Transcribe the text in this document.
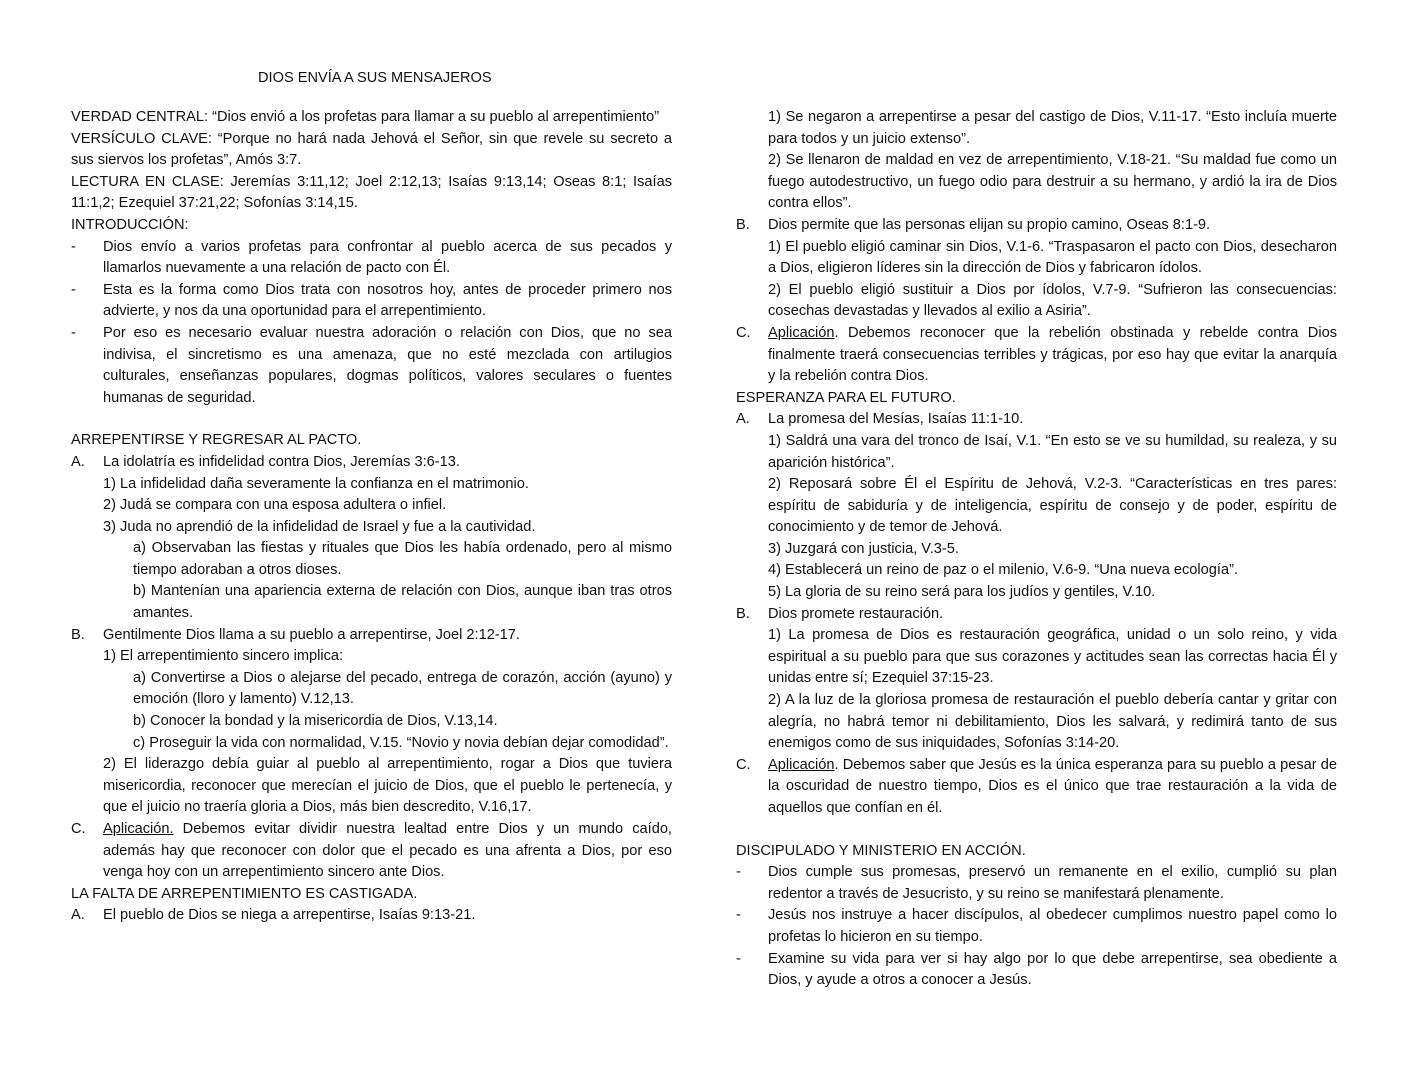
DIOS ENVÍA A SUS MENSAJEROS

VERDAD CENTRAL: “Dios envió a los profetas para llamar a su pueblo al arrepentimiento”

VERSÍCULO CLAVE: “Porque no hará nada Jehová el Señor, sin que revele su secreto a sus siervos los profetas”, Amós 3:7.

LECTURA EN CLASE: Jeremías 3:11,12; Joel 2:12,13; Isaías 9:13,14; Oseas 8:1; Isaías 11:1,2; Ezequiel 37:21,22; Sofonías 3:14,15.

INTRODUCCIÓN:

-	Dios envío a varios profetas para confrontar al pueblo acerca de sus pecados y llamarlos nuevamente a una relación de pacto con Él.
-	Esta es la forma como Dios trata con nosotros hoy, antes de proceder primero nos advierte, y nos da una oportunidad para el arrepentimiento.
-	Por eso es necesario evaluar nuestra adoración o relación con Dios, que no sea indivisa, el sincretismo es una amenaza, que no esté mezclada con artilugios culturales, enseñanzas populares, dogmas políticos, valores seculares o fuentes humanas de seguridad.

ARREPENTIRSE Y REGRESAR AL PACTO.

A.	La idolatría es infidelidad contra Dios, Jeremías 3:6-13.

1) La infidelidad daña severamente la confianza en el matrimonio.

2) Judá se compara con una esposa adultera o infiel.

3) Juda no aprendió de la infidelidad de Israel y fue a la cautividad.

a) Observaban las fiestas y rituales que Dios les había ordenado, pero al mismo tiempo adoraban a otros dioses.

b) Mantenían una apariencia externa de relación con Dios, aunque iban tras otros amantes.

B.	Gentilmente Dios llama a su pueblo a arrepentirse, Joel 2:12-17.

1) El arrepentimiento sincero implica:

a) Convertirse a Dios o alejarse del pecado, entrega de corazón, acción (ayuno) y emoción (lloro y lamento) V.12,13.

b) Conocer la bondad y la misericordia de Dios, V.13,14.

c) Proseguir la vida con normalidad, V.15. “Novio y novia debían dejar comodidad”.

2) El liderazgo debía guiar al pueblo al arrepentimiento, rogar a Dios que tuviera misericordia, reconocer que merecían el juicio de Dios, que el pueblo le pertenecía, y que el juicio no traería gloria a Dios, más bien descredito, V.16,17.

C.	Aplicación. Debemos evitar dividir nuestra lealtad entre Dios y un mundo caído, además hay que reconocer con dolor que el pecado es una afrenta a Dios, por eso venga hoy con un arrepentimiento sincero ante Dios.

LA FALTA DE ARREPENTIMIENTO ES CASTIGADA.

A.	El pueblo de Dios se niega a arrepentirse, Isaías 9:13-21.

1) Se negaron a arrepentirse a pesar del castigo de Dios, V.11-17. “Esto incluía muerte para todos y un juicio extenso”.

2) Se llenaron de maldad en vez de arrepentimiento, V.18-21. “Su maldad fue como un fuego autodestructivo, un fuego odio para destruir a su hermano, y ardió la ira de Dios contra ellos”.

B.	Dios permite que las personas elijan su propio camino, Oseas 8:1-9.

1) El pueblo eligió caminar sin Dios, V.1-6. “Traspasaron el pacto con Dios, desecharon a Dios, eligieron líderes sin la dirección de Dios y fabricaron ídolos.

2) El pueblo eligió sustituir a Dios por ídolos, V.7-9. “Sufrieron las consecuencias: cosechas devastadas y llevados al exilio a Asiria”.

C.	Aplicación. Debemos reconocer que la rebelión obstinada y rebelde contra Dios finalmente traerá consecuencias terribles y trágicas, por eso hay que evitar la anarquía y la rebelión contra Dios.

ESPERANZA PARA EL FUTURO.

A.	La promesa del Mesías, Isaías 11:1-10.

1) Saldrá una vara del tronco de Isaí, V.1. “En esto se ve su humildad, su realeza, y su aparición histórica”.

2) Reposará sobre Él el Espíritu de Jehová, V.2-3. “Características en tres pares: espíritu de sabiduría y de inteligencia, espíritu de consejo y de poder, espíritu de conocimiento y de temor de Jehová.

3) Juzgará con justicia, V.3-5.

4) Establecerá un reino de paz o el milenio, V.6-9. “Una nueva ecología”.

5) La gloria de su reino será para los judíos y gentiles, V.10.

B.	Dios promete restauración.

1) La promesa de Dios es restauración geográfica, unidad o un solo reino, y vida espiritual a su pueblo para que sus corazones y actitudes sean las correctas hacia Él y unidas entre sí; Ezequiel 37:15-23.

2) A la luz de la gloriosa promesa de restauración el pueblo debería cantar y gritar con alegría, no habrá temor ni debilitamiento, Dios les salvará, y redimirá tanto de sus enemigos como de sus iniquidades, Sofonías 3:14-20.

C.	Aplicación. Debemos saber que Jesús es la única esperanza para su pueblo a pesar de la oscuridad de nuestro tiempo, Dios es el único que trae restauración a la vida de aquellos que confían en él.

DISCIPULADO Y MINISTERIO EN ACCIÓN.

-	Dios cumple sus promesas, preservó un remanente en el exilio, cumplió su plan redentor a través de Jesucristo, y su reino se manifestará plenamente.
-	Jesús nos instruye a hacer discípulos, al obedecer cumplimos nuestro papel como lo profetas lo hicieron en su tiempo.
-	Examine su vida para ver si hay algo por lo que debe arrepentirse, sea obediente a Dios, y ayude a otros a conocer a Jesús.
